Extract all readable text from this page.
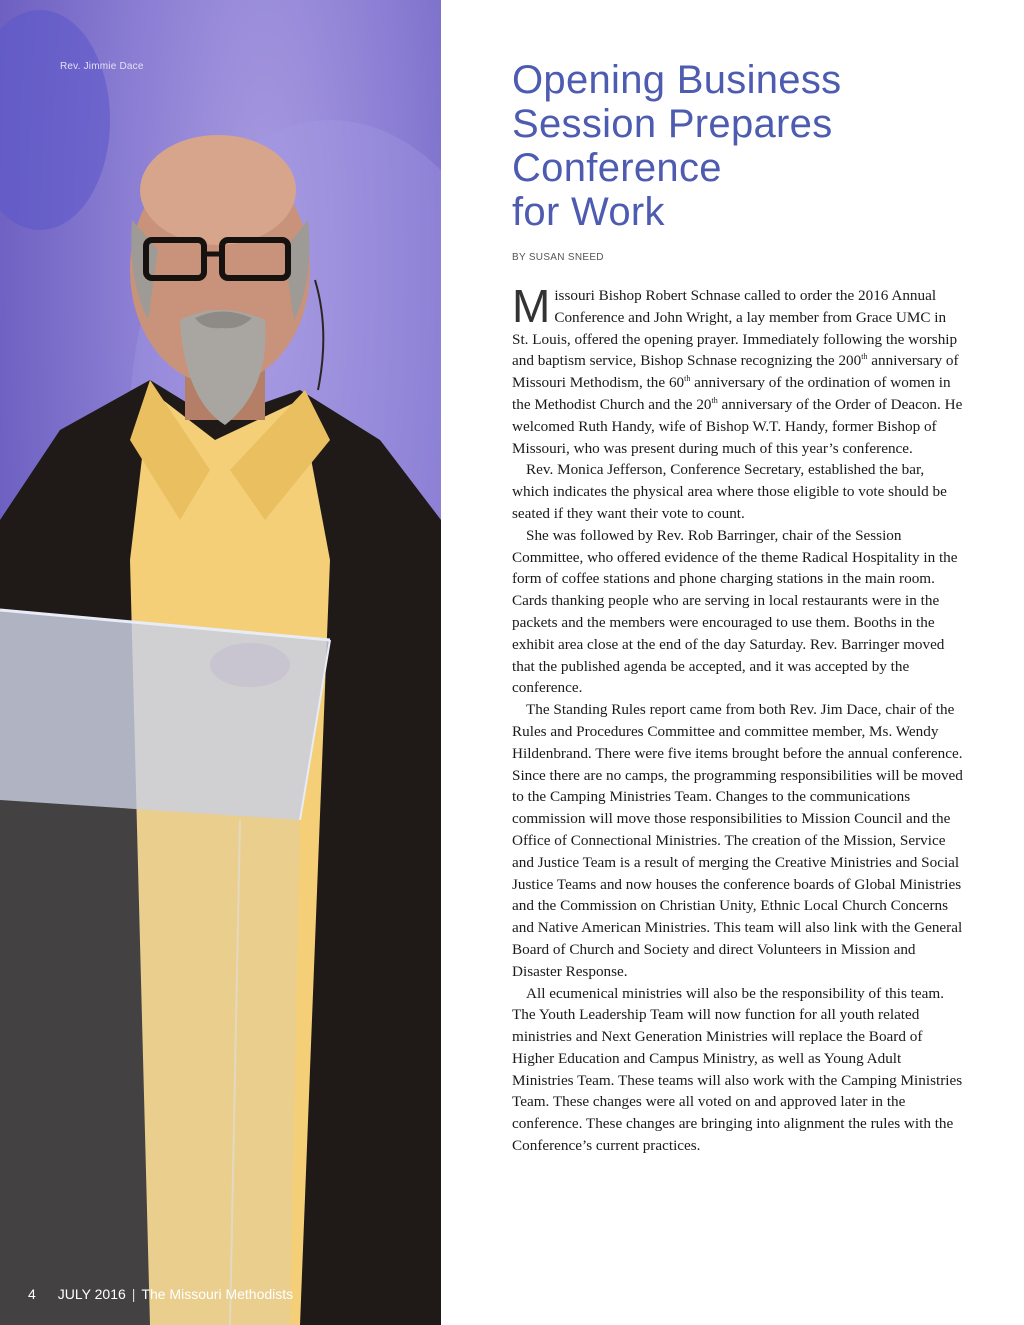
Rev. Jimmie Dace
4 JULY 2016 | The Missouri Methodists
Opening Business
Session Prepares
Conference
for Work
BY SUSAN SNEED

Missouri Bishop Robert Schnase called to order the 2016 Annual Conference and John Wright, a lay member from Grace UMC in St. Louis, offered the opening prayer. Immediately following the worship and baptism service, Bishop Schnase recognizing the 200th anniversary of Missouri Methodism, the 60th anniversary of the ordination of women in the Methodist Church and the 20th anniversary of the Order of Deacon. He welcomed Ruth Handy, wife of Bishop W.T. Handy, former Bishop of Missouri, who was present during much of this year’s conference.

Rev. Monica Jefferson, Conference Secretary, established the bar, which indicates the physical area where those eligible to vote should be seated if they want their vote to count.

She was followed by Rev. Rob Barringer, chair of the Session Committee, who offered evidence of the theme Radical Hospitality in the form of coffee stations and phone charging stations in the main room. Cards thanking people who are serving in local restaurants were in the packets and the members were encouraged to use them. Booths in the exhibit area close at the end of the day Saturday. Rev. Barringer moved that the published agenda be accepted, and it was accepted by the conference.

The Standing Rules report came from both Rev. Jim Dace, chair of the Rules and Procedures Committee and committee member, Ms. Wendy Hildenbrand. There were five items brought before the annual conference. Since there are no camps, the programming responsibilities will be moved to the Camping Ministries Team. Changes to the communications commission will move those responsibilities to Mission Council and the Office of Connectional Ministries. The creation of the Mission, Service and Justice Team is a result of merging the Creative Ministries and Social Justice Teams and now houses the conference boards of Global Ministries and the Commission on Christian Unity, Ethnic Local Church Concerns and Native American Ministries. This team will also link with the General Board of Church and Society and direct Volunteers in Mission and Disaster Response.

All ecumenical ministries will also be the responsibility of this team. The Youth Leadership Team will now function for all youth related ministries and Next Generation Ministries will replace the Board of Higher Education and Campus Ministry, as well as Young Adult Ministries Team. These teams will also work with the Camping Ministries Team. These changes were all voted on and approved later in the conference. These changes are bringing into alignment the rules with the Conference’s current practices.
